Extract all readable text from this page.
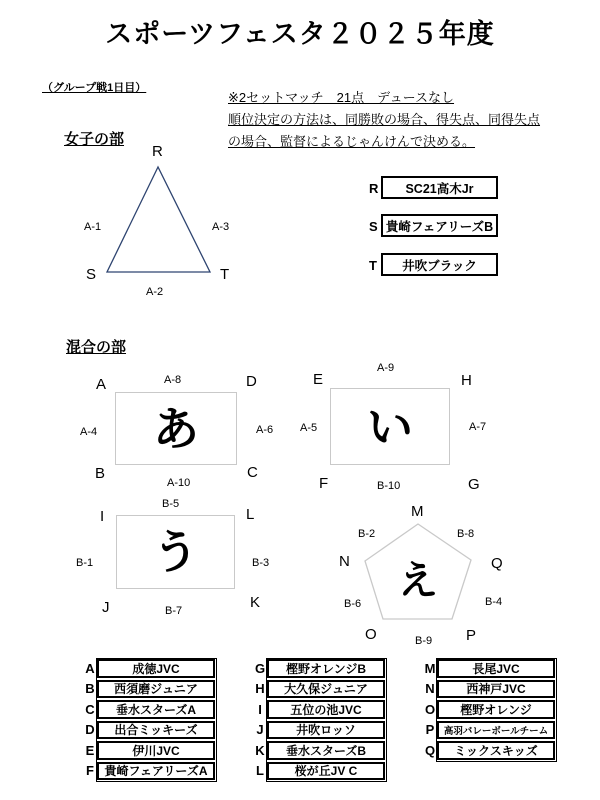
スポーツフェスタ２０２５年度
（グループ戦1日目）
※2セットマッチ　21点　デュースなし
順位決定の方法は、同勝敗の場合、得失点、同得失点
の場合、監督によるじゃんけんで決める。
女子の部
R
S	T
A-1	A-3
A-2
R	SC21高木Jr
S 貴崎フェアリーズB
T	井吹ブラック
混合の部
A	D
B	C
A-8
A-4	A-6
A-10
あ
E	H
F	G
A-9
A-5	A-7
B-10
い
I	L
J	K
B-5
B-1	B-3
B-7
う
え
M
N	Q
O	P
B-2	B-8
B-6	B-4
B-9
A	成徳JVC
B	西須磨ジュニア
C	垂水スターズA
D	出合ミッキーズ
E	伊川JVC
F 貴崎フェアリーズA
G	樫野オレンジB
H	大久保ジュニア
I	五位の池JVC
J	井吹ロッソ
K	垂水スターズB
L	桜が丘JV C
M	長尾JVC
N	西神戸JVC
O	樫野オレンジ
P	高羽バレーボールチーム
Q	ミックスキッズ
